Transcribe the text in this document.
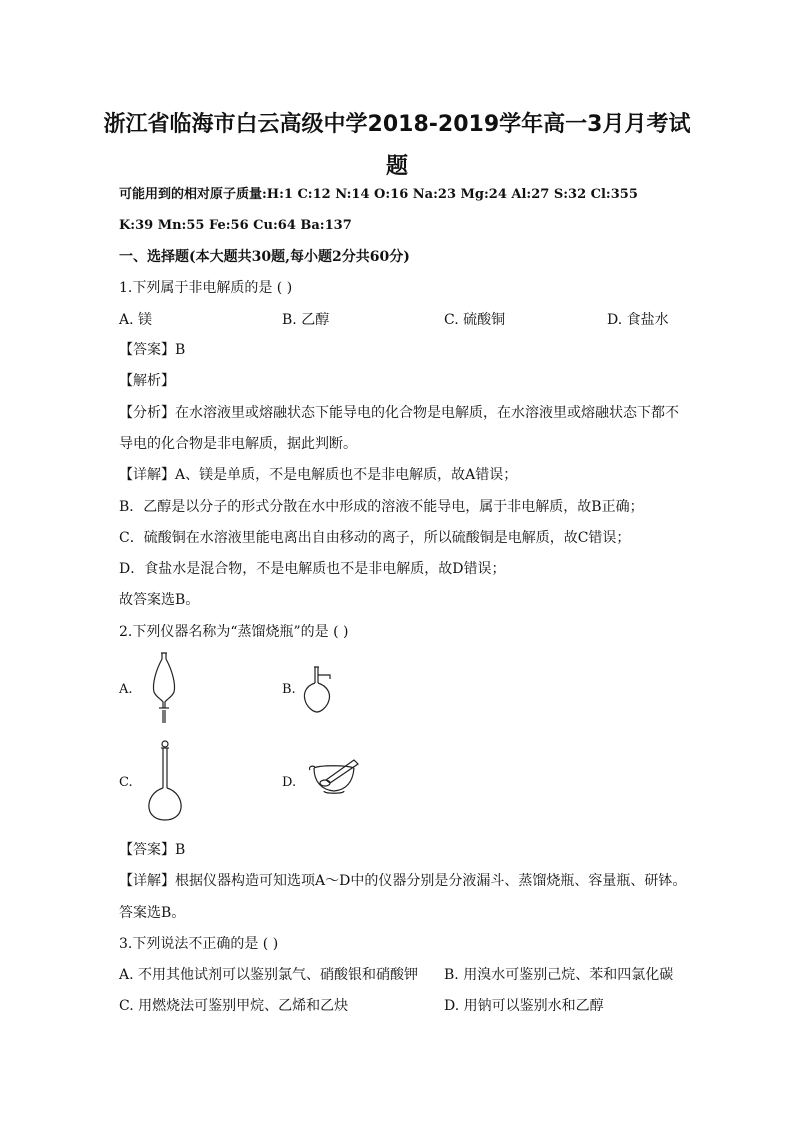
浙江省临海市白云高级中学2018-2019学年高一3月月考试
题
可能用到的相对原子质量:H:1 C:12 N:14 O:16 Na:23 Mg:24 Al:27 S:32 Cl:355
K:39 Mn:55 Fe:56 Cu:64 Ba:137
一、选择题(本大题共30题,每小题2分共60分)
1.下列属于非电解质的是 ( )
A. 镁	B. 乙醇	C. 硫酸铜	D. 食盐水
【答案】B
【解析】
【分析】在水溶液里或熔融状态下能导电的化合物是电解质，在水溶液里或熔融状态下都不
导电的化合物是非电解质，据此判断。
【详解】A、镁是单质，不是电解质也不是非电解质，故A错误；
B．乙醇是以分子的形式分散在水中形成的溶液不能导电，属于非电解质，故B正确；
C．硫酸铜在水溶液里能电离出自由移动的离子，所以硫酸铜是电解质，故C错误；
D．食盐水是混合物，不是电解质也不是非电解质，故D错误；
故答案选B。
2.下列仪器名称为“蒸馏烧瓶”的是 ( )
A.	B.
C.	D.
【答案】B
【详解】根据仪器构造可知选项A～D中的仪器分别是分液漏斗、蒸馏烧瓶、容量瓶、研钵。
答案选B。
3.下列说法不正确的是 ( )
A. 不用其他试剂可以鉴别氯气、硝酸银和硝酸钾 B. 用溴水可鉴别己烷、苯和四氯化碳
C. 用燃烧法可鉴别甲烷、乙烯和乙炔	D. 用钠可以鉴别水和乙醇
